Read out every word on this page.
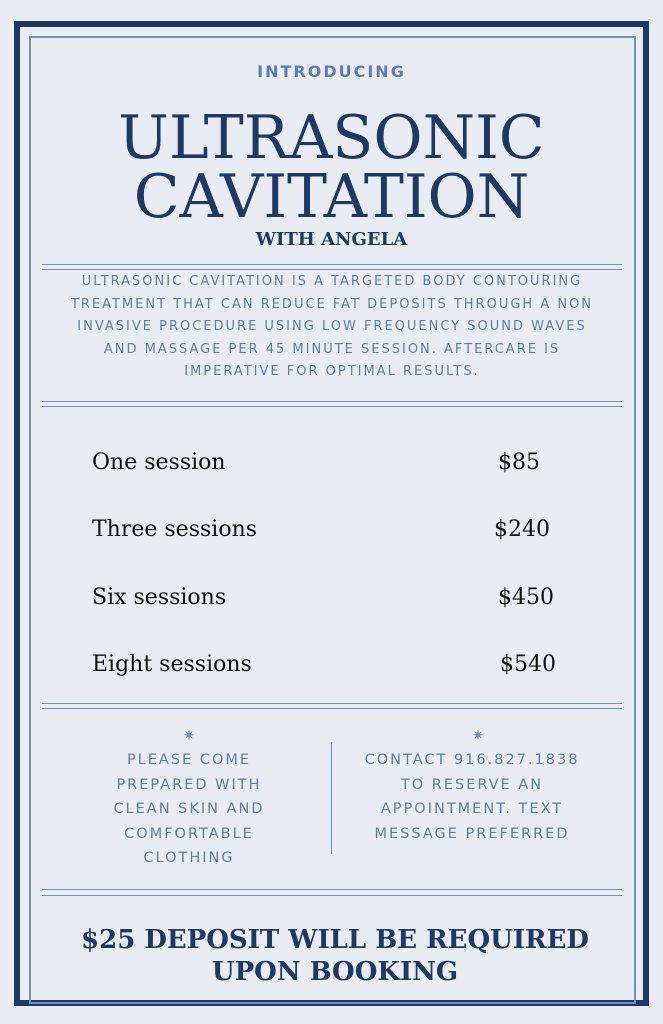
INTRODUCING
ULTRASONIC
CAVITATION
WITH ANGELA
ULTRASONIC CAVITATION IS A TARGETED BODY CONTOURING TREATMENT THAT CAN REDUCE FAT DEPOSITS THROUGH A NON INVASIVE PROCEDURE USING LOW FREQUENCY SOUND WAVES AND MASSAGE PER 45 MINUTE SESSION. AFTERCARE IS IMPERATIVE FOR OPTIMAL RESULTS.
One session	$85
Three sessions	$240
Six sessions	$450
Eight sessions	$540
✷	✷
PLEASE COME PREPARED WITH CLEAN SKIN AND COMFORTABLE CLOTHING
CONTACT 916.827.1838 TO RESERVE AN APPOINTMENT. TEXT MESSAGE PREFERRED
$25 DEPOSIT WILL BE REQUIRED UPON BOOKING
